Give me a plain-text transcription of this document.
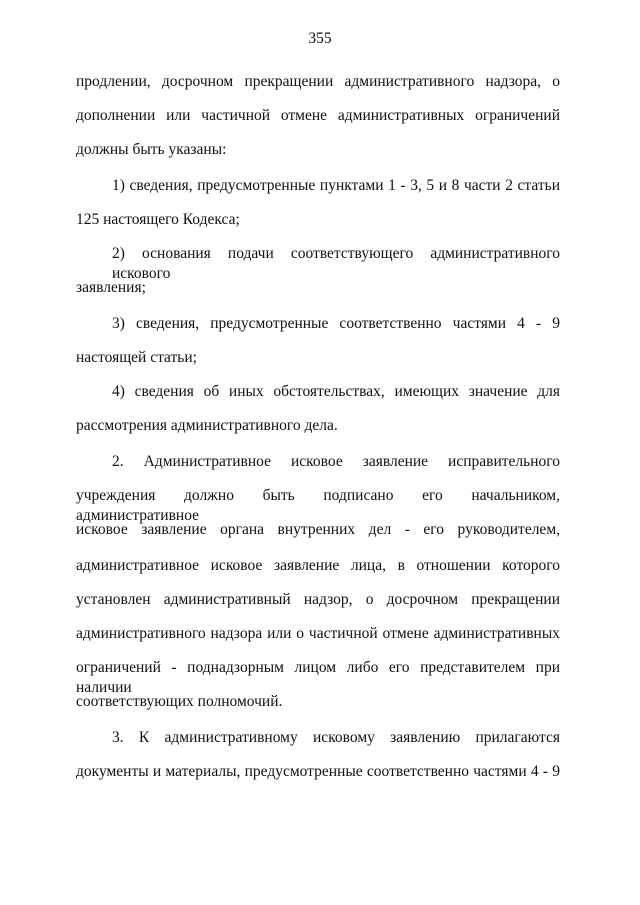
355
продлении, досрочном прекращении административного надзора, о
дополнении или частичной отмене административных ограничений
должны быть указаны:
1) сведения, предусмотренные пунктами 1 - 3, 5 и 8 части 2 статьи
125 настоящего Кодекса;
2) основания подачи соответствующего административного искового
заявления;
3) сведения, предусмотренные соответственно частями 4 - 9
настоящей статьи;
4) сведения об иных обстоятельствах, имеющих значение для
рассмотрения административного дела.
2. Административное исковое заявление исправительного
учреждения должно быть подписано его начальником, административное
исковое заявление органа внутренних дел - его руководителем,
административное исковое заявление лица, в отношении которого
установлен административный надзор, о досрочном прекращении
административного надзора или о частичной отмене административных
ограничений - поднадзорным лицом либо его представителем при наличии
соответствующих полномочий.
3. К административному исковому заявлению прилагаются
документы и материалы, предусмотренные соответственно частями 4 - 9
